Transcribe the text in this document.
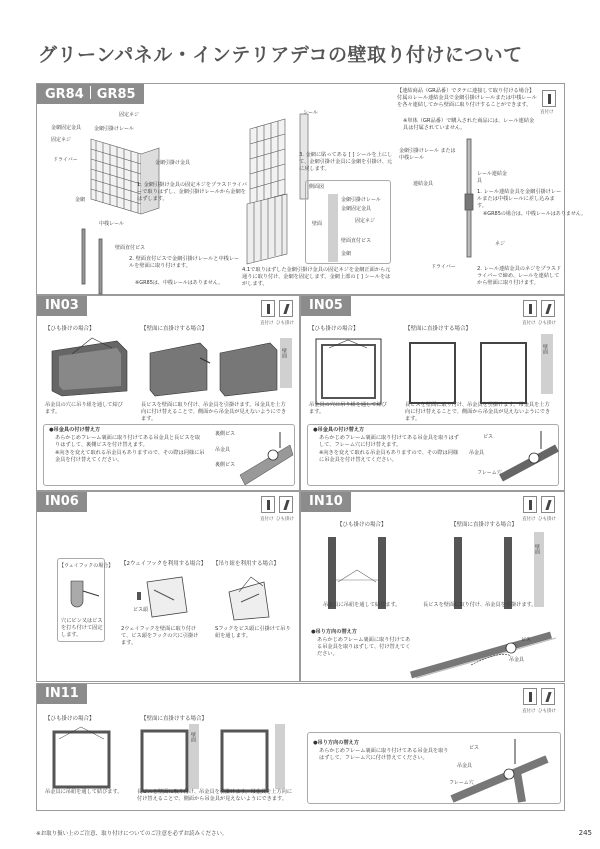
グリーンパネル・インテリアデコの壁取り付けについて
GR84 GR85
固定ネジ
金網引掛けレール
金網固定金具
固定ネジ
ドライバー
金網
金網引掛け金具
1. 金網引掛け金具の固定ネジをプラスドライバーで取りはずし、金網引掛けレールから金網をはずします。
中桟レール
壁面直付ビス
2. 壁面直付ビスで金網引掛けレールと中桟レールを壁面に取り付けます。
※GR85は、中桟レールはありません。
シール
3. 金網に貼ってある [ ] シールを上にして、金網引掛け金具に金網を引掛け、元に戻します。
側面図
金網引掛けレール
金網固定金具
壁面	固定ネジ
壁面直付ビス
金網
4.1で取りはずした金網引掛け金具の固定ネジを金網正面から元通りに取り付け、金網を固定します。金網上部の [ ] シールをはがします。
【連結商品（GR品番）でタテに連接して取り付ける場合】付属のレール連結金具で金網引掛けレールまたは中桟レールを各々連結してから壁面に取り付けすることができます。
直付け
※単体（GR品番）で購入された商品には、レール連結金具は付属されていません。
金網引掛けレール または 中桟レール
連結金具
レール連結金具
1. レール連結金具を金網引掛けレールまたは中桟レールに差し込みます。
※GR85の場合は、中桟レールはありません。
ネジ
ドライバー	2. レール連結金具のネジをプラスドライバーで締め、レールを連結してから壁面に取り付けます。
IN03
直付け ひも掛け
【ひも掛けの場合】	【壁面に直掛けする場合】
壁面
吊金具の穴に吊り紐を通して結びます。
長ビスを壁面に取り付け、吊金具を引掛けます。吊金具を上方向に付け替えることで、側面から吊金具が見えないようにできます。
●吊金具の付け替え方
あらかじめフレーム裏面に取り付けてある吊金具と長ビスを取りはずして、裏側ビスを付け替えます。
※向きを変えて取れる吊金具もありますので、その際は同様に吊金具を付け替えてください。
裏側ビス
吊金具
裏側ビス
IN05
直付け ひも掛け
【ひも掛けの場合】	【壁面に直掛けする場合】
壁面
吊金具の穴に吊り紐を通して結びます。
長ビスを壁面に取り付け、吊金具を引掛けます。吊金具を上方向に付け替えることで、側面から吊金具が見えないようにできます。
●吊金具の付け替え方
あらかじめフレーム裏面に取り付けてある吊金具を取りはずして、フレーム穴に付け替えます。
※向きを変えて取れる吊金具もありますので、その際は同様に吊金具を付け替えてください。
ビス
吊金具
フレーム穴
IN06
直付け ひも掛け
【ウェイフックの場合】
穴にピン又はビスを打ち付けて固定します。
【2ウェイフックを利用する場合】
ビス頭
2ウェイフックを壁面に取り付けて、ビス頭をフックの穴に引掛けます。
【吊り紐を利用する場合】
Sフックをビス頭に引掛けて吊り紐を通します。
IN10
直付け ひも掛け
【ひも掛けの場合】	【壁面に直掛けする場合】
壁面
吊金具に吊紐を通して結びます。	長ビスを壁面に取り付け、吊金具を引掛けます。
●吊り方向の替え方
あらかじめフレーム裏面に取り付けてある吊金具を取りはずして、付け替えてください。
ビス
吊金具
IN11
直付け ひも掛け
【ひも掛けの場合】	【壁面に直掛けする場合】
壁面
吊金具に吊紐を通して結びます。	長ビスを壁面に取り付け、吊金具を引掛けます。吊金具を上方向に付け替えることで、側面から吊金具が見えないようにできます。
●吊り方向の替え方
あらかじめフレーム裏面に取り付けてある吊金具を取りはずして、フレーム穴に付け替えてください。
ビス
吊金具
フレーム穴
※お取り扱い上のご注意、取り付けについてのご注意を必ずお読みください。	245
